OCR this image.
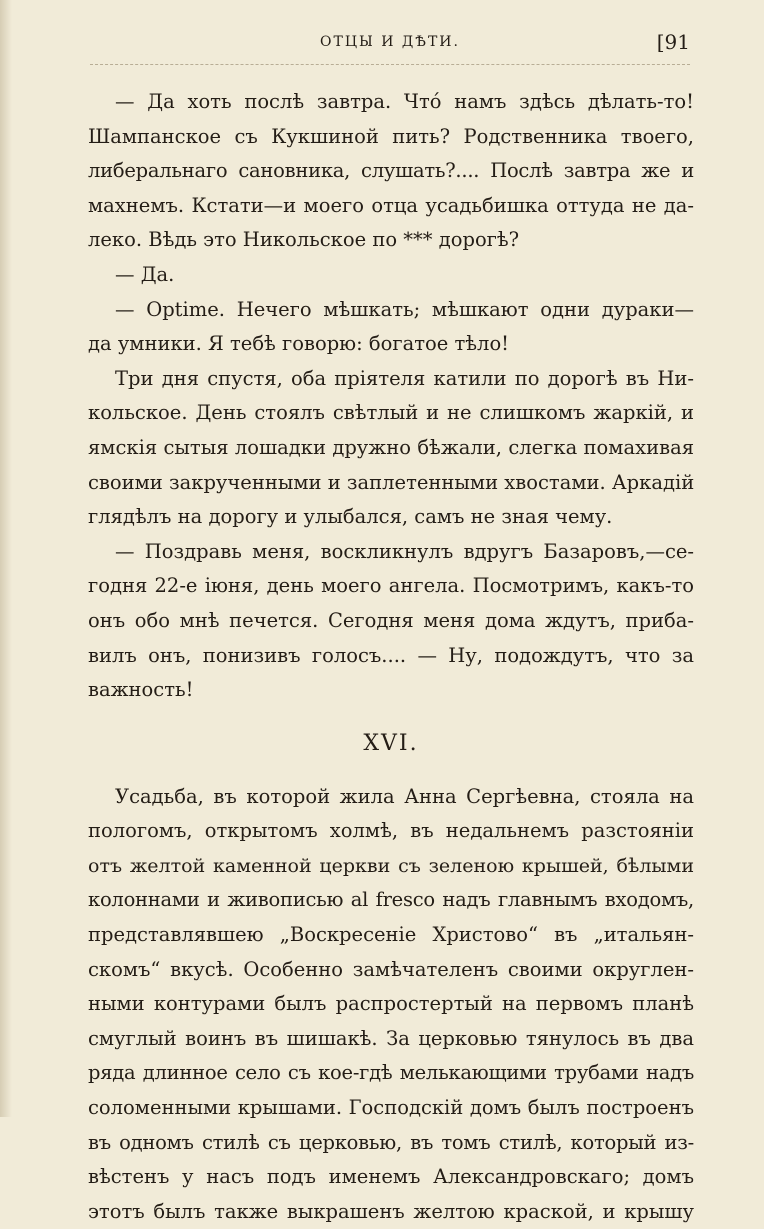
ОТЦЫ И ДѢТИ.	[91
— Да хоть послѣ завтра. Чтó намъ здѣсь дѣлать-то!
Шампанское съ Кукшиной пить? Родственника твоего,
либеральнаго сановника, слушать?.... Послѣ завтра же и
махнемъ. Кстати—и моего отца усадьбишка оттуда не да-
леко. Вѣдь это Никольское по *** дорогѣ?
— Да.
— Optime. Нечего мѣшкать; мѣшкают одни дураки—
да умники. Я тебѣ говорю: богатое тѣло!
Три дня спустя, оба пріятеля катили по дорогѣ въ Ни-
кольское. День стоялъ свѣтлый и не слишкомъ жаркій, и
ямскія сытыя лошадки дружно бѣжали, слегка помахивая
своими закрученными и заплетенными хвостами. Аркадій
глядѣлъ на дорогу и улыбался, самъ не зная чему.
— Поздравь меня, воскликнулъ вдругъ Базаровъ,—се-
годня 22-е іюня, день моего ангела. Посмотримъ, какъ-то
онъ обо мнѣ печется. Сегодня меня дома ждутъ, приба-
вилъ онъ, понизивъ голосъ.... — Ну, подождутъ, что за
важность!
XVI.
Усадьба, въ которой жила Анна Сергѣевна, стояла на
пологомъ, открытомъ холмѣ, въ недальнемъ разстояніи
отъ желтой каменной церкви съ зеленою крышей, бѣлыми
колоннами и живописью al fresco надъ главнымъ входомъ,
представлявшею „Воскресеніе Христово“ въ „итальян-
скомъ“ вкусѣ. Особенно замѣчателенъ своими округлен-
ными контурами былъ распростертый на первомъ планѣ
смуглый воинъ въ шишакѣ. За церковью тянулось въ два
ряда длинное село съ кое-гдѣ мелькающими трубами надъ
соломенными крышами. Господскій домъ былъ построенъ
въ одномъ стилѣ съ церковью, въ томъ стилѣ, который из-
вѣстенъ у насъ подъ именемъ Александровскаго; домъ
этотъ былъ также выкрашенъ желтою краской, и крышу
